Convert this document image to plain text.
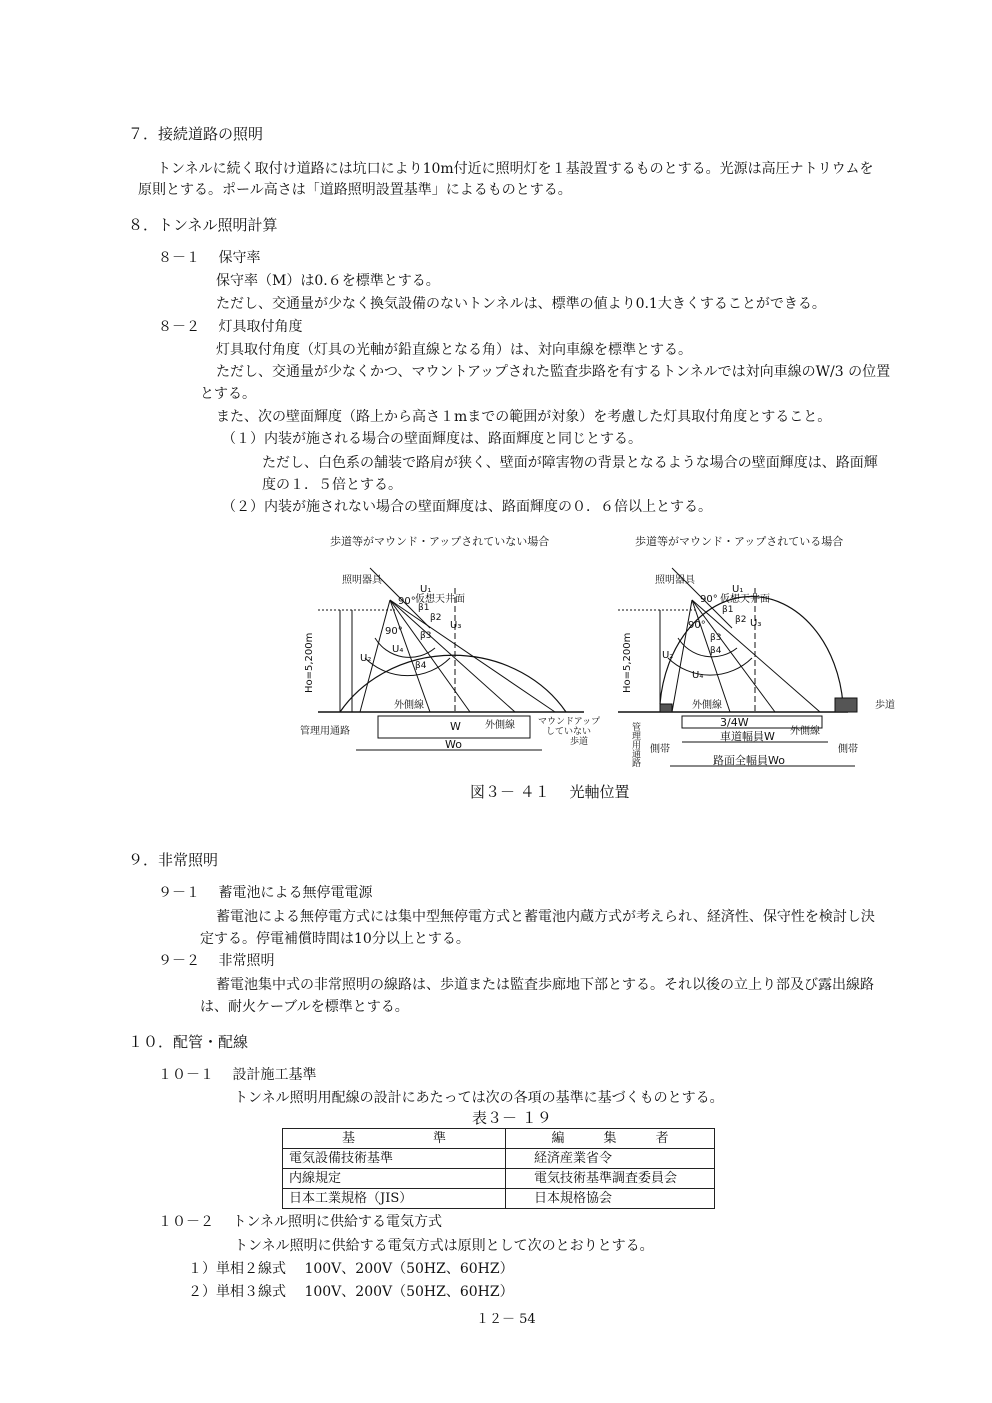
７．接続道路の照明
トンネルに続く取付け道路には坑口により10m付近に照明灯を１基設置するものとする。光源は高圧ナトリウムを
原則とする。ポール高さは「道路照明設置基準」によるものとする。
８．トンネル照明計算
８－１　 保守率
保守率（M）は0.６を標準とする。
ただし、交通量が少なく換気設備のないトンネルは、標準の値より0.1大きくすることができる。
８－２　 灯具取付角度
灯具取付角度（灯具の光軸が鉛直線となる角）は、対向車線を標準とする。
ただし、交通量が少なくかつ、マウントアップされた監査歩路を有するトンネルでは対向車線のW/3 の位置
とする。
また、次の壁面輝度（路上から高さ１mまでの範囲が対象）を考慮した灯具取付角度とすること。
（１）内装が施される場合の壁面輝度は、路面輝度と同じとする。
ただし、白色系の舗装で路肩が狭く、壁面が障害物の背景となるような場合の壁面輝度は、路面輝
度の１．５倍とする。
（２）内装が施されない場合の壁面輝度は、路面輝度の０．６倍以上とする。
歩道等がマウンド・アップされていない場合
照明器具
仮想天井面
90°
90°
U₁
U₂
U₃
U₄
β1
β2
β3
β4
Ho=5,200m
外側線
管理用通路	W 外側線
Wo
マウンドアップ
していない
歩道
歩道等がマウンド・アップされている場合
照明器具
仮想天井面
90°
90°
U₁
U₂
U₃
U₄
β1
β2
β3
β4
Ho=5,200m
外側線	歩道
3/4W
外側線
車道幅員W
路面全幅員Wo
側帯	側帯
管理用通路
図３－ ４１　 光軸位置
９．非常照明
９－１　 蓄電池による無停電電源
蓄電池による無停電方式には集中型無停電方式と蓄電池内蔵方式が考えられ、経済性、保守性を検討し決
定する。停電補償時間は10分以上とする。
９－２　 非常照明
蓄電池集中式の非常照明の線路は、歩道または監査歩廊地下部とする。それ以後の立上り部及び露出線路
は、耐火ケーブルを標準とする。
１０．配管・配線
１０－１　 設計施工基準
トンネル照明用配線の設計にあたっては次の各項の基準に基づくものとする。
表３－ １９
基　　　　　　準	編　　　集　　　者
電気設備技術基準	経済産業省令
内線規定	電気技術基準調査委員会
日本工業規格（JIS）	日本規格協会
１０－２　 トンネル照明に供給する電気方式
トンネル照明に供給する電気方式は原則として次のとおりとする。
１）単相２線式　 100V、200V（50HZ、60HZ）
２）単相３線式　 100V、200V（50HZ、60HZ）
１２－ 54
